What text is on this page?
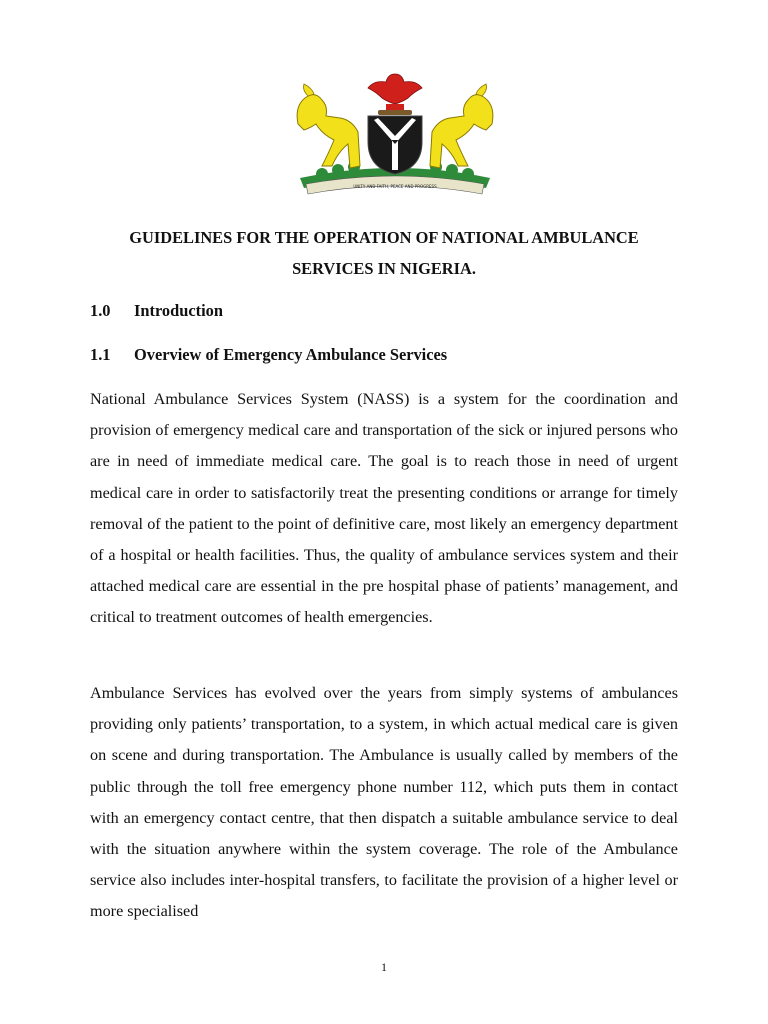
UNITY AND FAITH, PEACE AND PROGRESS
GUIDELINES FOR THE OPERATION OF NATIONAL AMBULANCE SERVICES IN NIGERIA.
1.0 Introduction
1.1 Overview of Emergency Ambulance Services

National Ambulance Services System (NASS) is a system for the coordination and provision of emergency medical care and transportation of the sick or injured persons who are in need of immediate medical care. The goal is to reach those in need of urgent medical care in order to satisfactorily treat the presenting conditions or arrange for timely removal of the patient to the point of definitive care, most likely an emergency department of a hospital or health facilities. Thus, the quality of ambulance services system and their attached medical care are essential in the pre hospital phase of patients’ management, and critical to treatment outcomes of health emergencies.

Ambulance Services has evolved over the years from simply systems of ambulances providing only patients’ transportation, to a system, in which actual medical care is given on scene and during transportation. The Ambulance is usually called by members of the public through the toll free emergency phone number 112, which puts them in contact with an emergency contact centre, that then dispatch a suitable ambulance service to deal with the situation anywhere within the system coverage. The role of the Ambulance service also includes inter-hospital transfers, to facilitate the provision of a higher level or more specialised

1
